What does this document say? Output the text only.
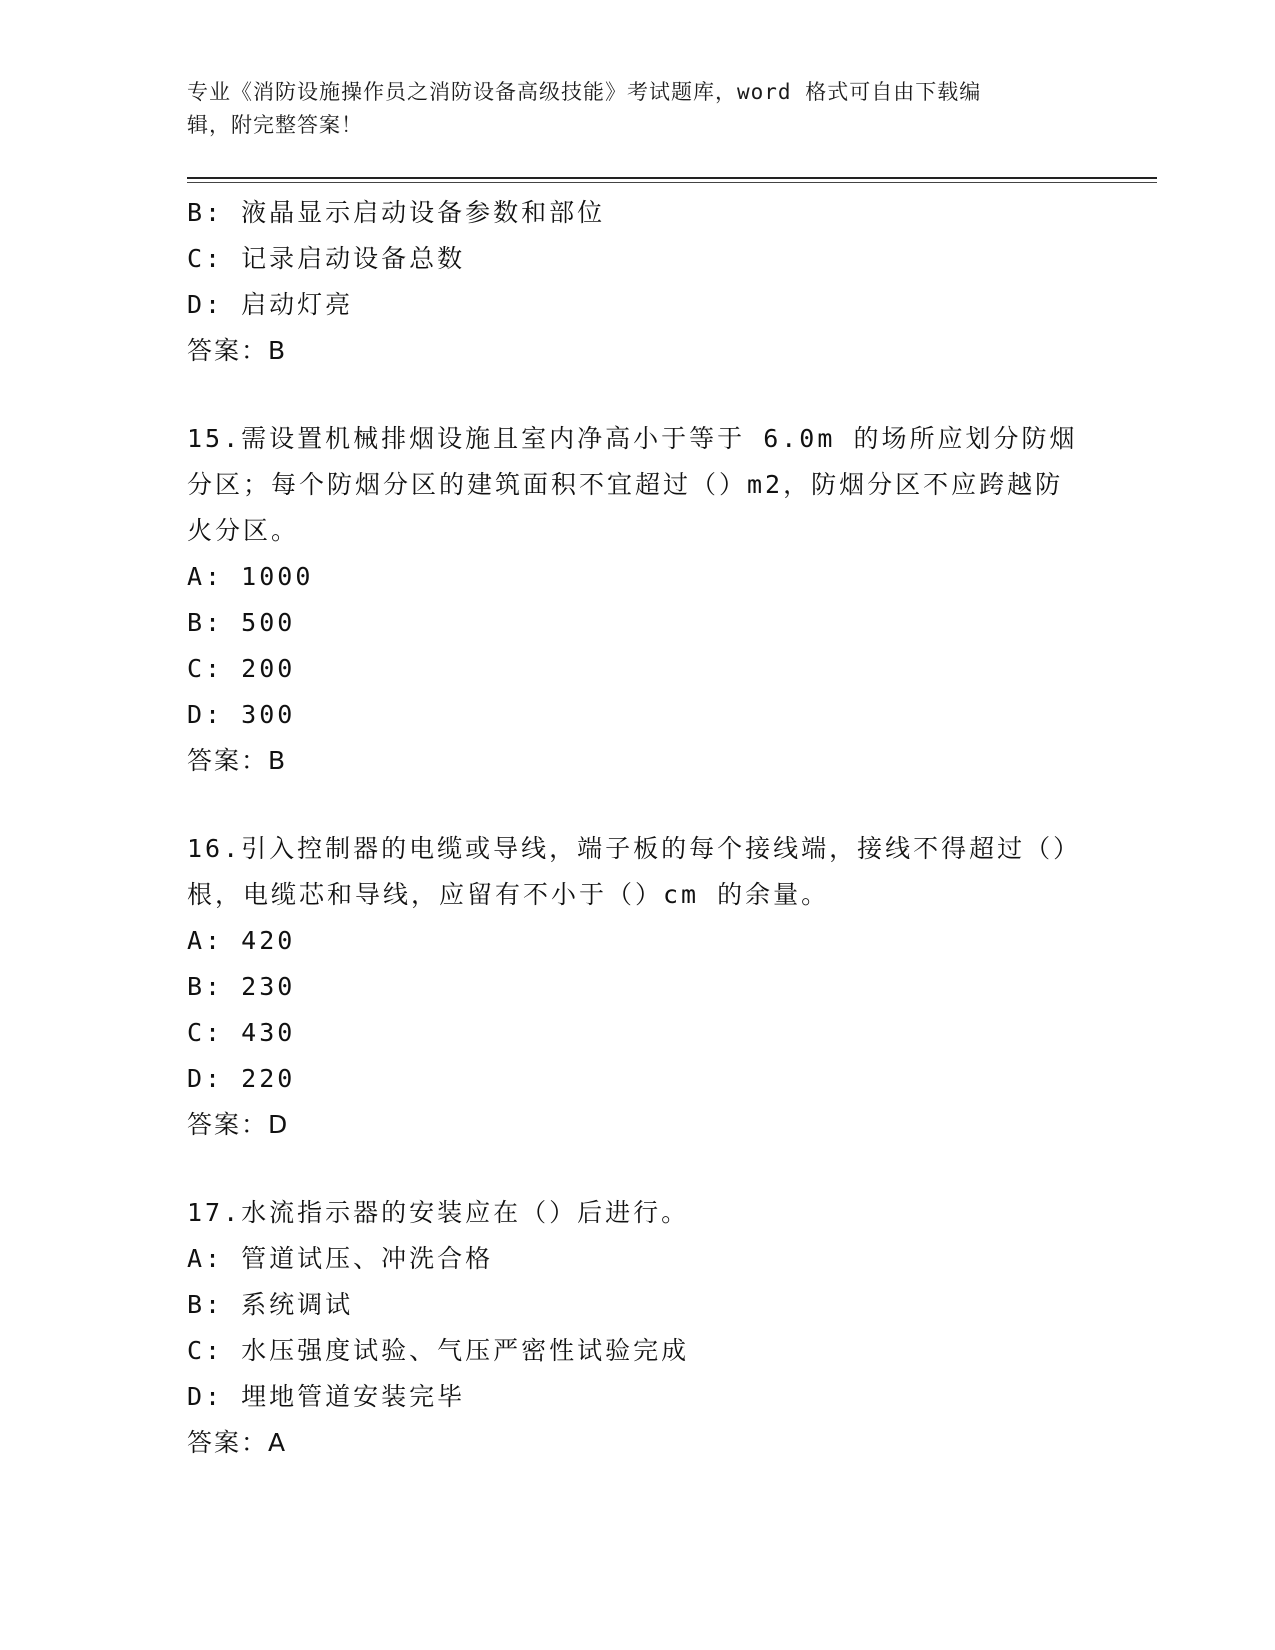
专业《消防设施操作员之消防设备高级技能》考试题库，word 格式可自由下载编
辑，附完整答案！
B: 液晶显示启动设备参数和部位
C: 记录启动设备总数
D: 启动灯亮
答案：B
15.需设置机械排烟设施且室内净高小于等于 6.0m 的场所应划分防烟分区；每个防烟分区的建筑面积不宜超过（）m2，防烟分区不应跨越防火分区。
A: 1000
B: 500
C: 200
D: 300
答案：B
16.引入控制器的电缆或导线，端子板的每个接线端，接线不得超过（）根，电缆芯和导线，应留有不小于（）cm 的余量。
A: 420
B: 230
C: 430
D: 220
答案：D
17.水流指示器的安装应在（）后进行。
A: 管道试压、冲洗合格
B: 系统调试
C: 水压强度试验、气压严密性试验完成
D: 埋地管道安装完毕
答案：A
